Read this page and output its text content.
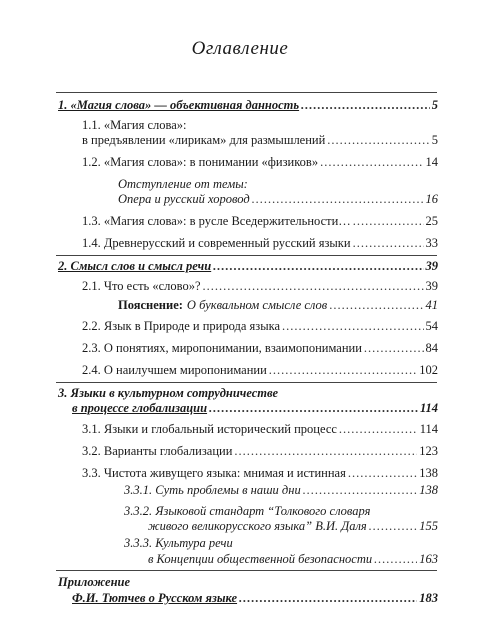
Оглавление
1. «Магия слова» — объективная данность .....	5
1.1. «Магия слова»:
в предъявлении «лирикам» для размышлений .....	5
1.2. «Магия слова»: в понимании «физиков» .....	14
Отступление от темы:
Опера и русский хоровод .....	16
1.3. «Магия слова»: в русле Вседержительности… .....	25
1.4. Древнерусский и современный русский языки .....	33
2. Смысл слов и смысл речи .....	39
2.1. Что есть «слово»? .....	39
Пояснение: О буквальном смысле слов .....	41
2.2. Язык в Природе и природа языка .....	54
2.3. О понятиях, миропонимании, взаимопонимании .....	84
2.4. О наилучшем миропонимании .....	102
3. Языки в культурном сотрудничестве
в процессе глобализации .....	114
3.1. Языки и глобальный исторический процесс .....	114
3.2. Варианты глобализации .....	123
3.3. Чистота живущего языка: мнимая и истинная .....	138
3.3.1. Суть проблемы в наши дни .....	138
3.3.2. Языковой стандарт “Толкового словаря
живого великорусского языка” В.И. Даля .....	155
3.3.3. Культура речи
в Концепции общественной безопасности .....	163
Приложение
Ф.И. Тютчев о Русском языке .....	183
